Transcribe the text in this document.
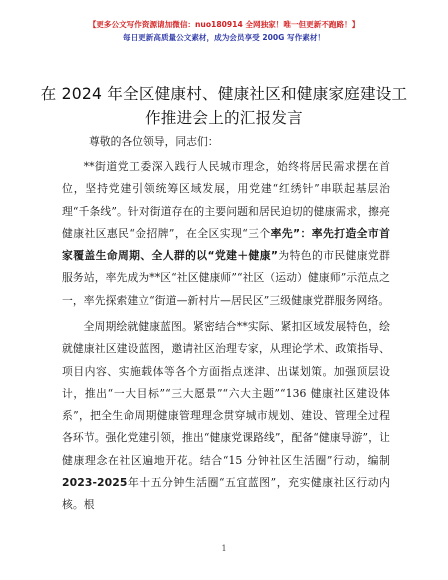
【更多公文写作资源请加微信：nuo180914 全网独家！唯一但更新不跑路！】
每日更新高质量公文素材，成为会员享受 200G 写作素材！
在 2024 年全区健康村、健康社区和健康家庭建设工作推进会上的汇报发言
尊敬的各位领导，同志们：
**街道党工委深入践行人民城市理念，始终将居民需求摆在首位，坚持党建引领统筹区域发展，用党建“红绣针”串联起基层治理“千条线”。针对街道存在的主要问题和居民迫切的健康需求，擦亮健康社区惠民“金招牌”，在全区实现“三个率先”：率先打造全市首家覆盖生命周期、全人群的以“党建＋健康”为特色的市民健康党群服务站，率先成为**区“社区健康师”“社区（运动）健康师”示范点之一，率先探索建立“街道—新村片—居民区”三级健康党群服务网络。
全周期绘就健康蓝图。紧密结合**实际、紧扣区域发展特色，绘就健康社区建设蓝图，邀请社区治理专家，从理论学术、政策指导、项目内容、实施载体等各个方面指点迷津、出谋划策。加强顶层设计，推出“一大目标”“三大愿景”“六大主题”“136 健康社区建设体系”，把全生命周期健康管理理念贯穿城市规划、建设、管理全过程各环节。强化党建引领，推出“健康党课路线”，配备“健康导游”，让健康理念在社区遍地开花。结合“15 分钟社区生活圈”行动，编制 2023-2025年十五分钟生活圈“五宜蓝图”，充实健康社区行动内核。根
1
